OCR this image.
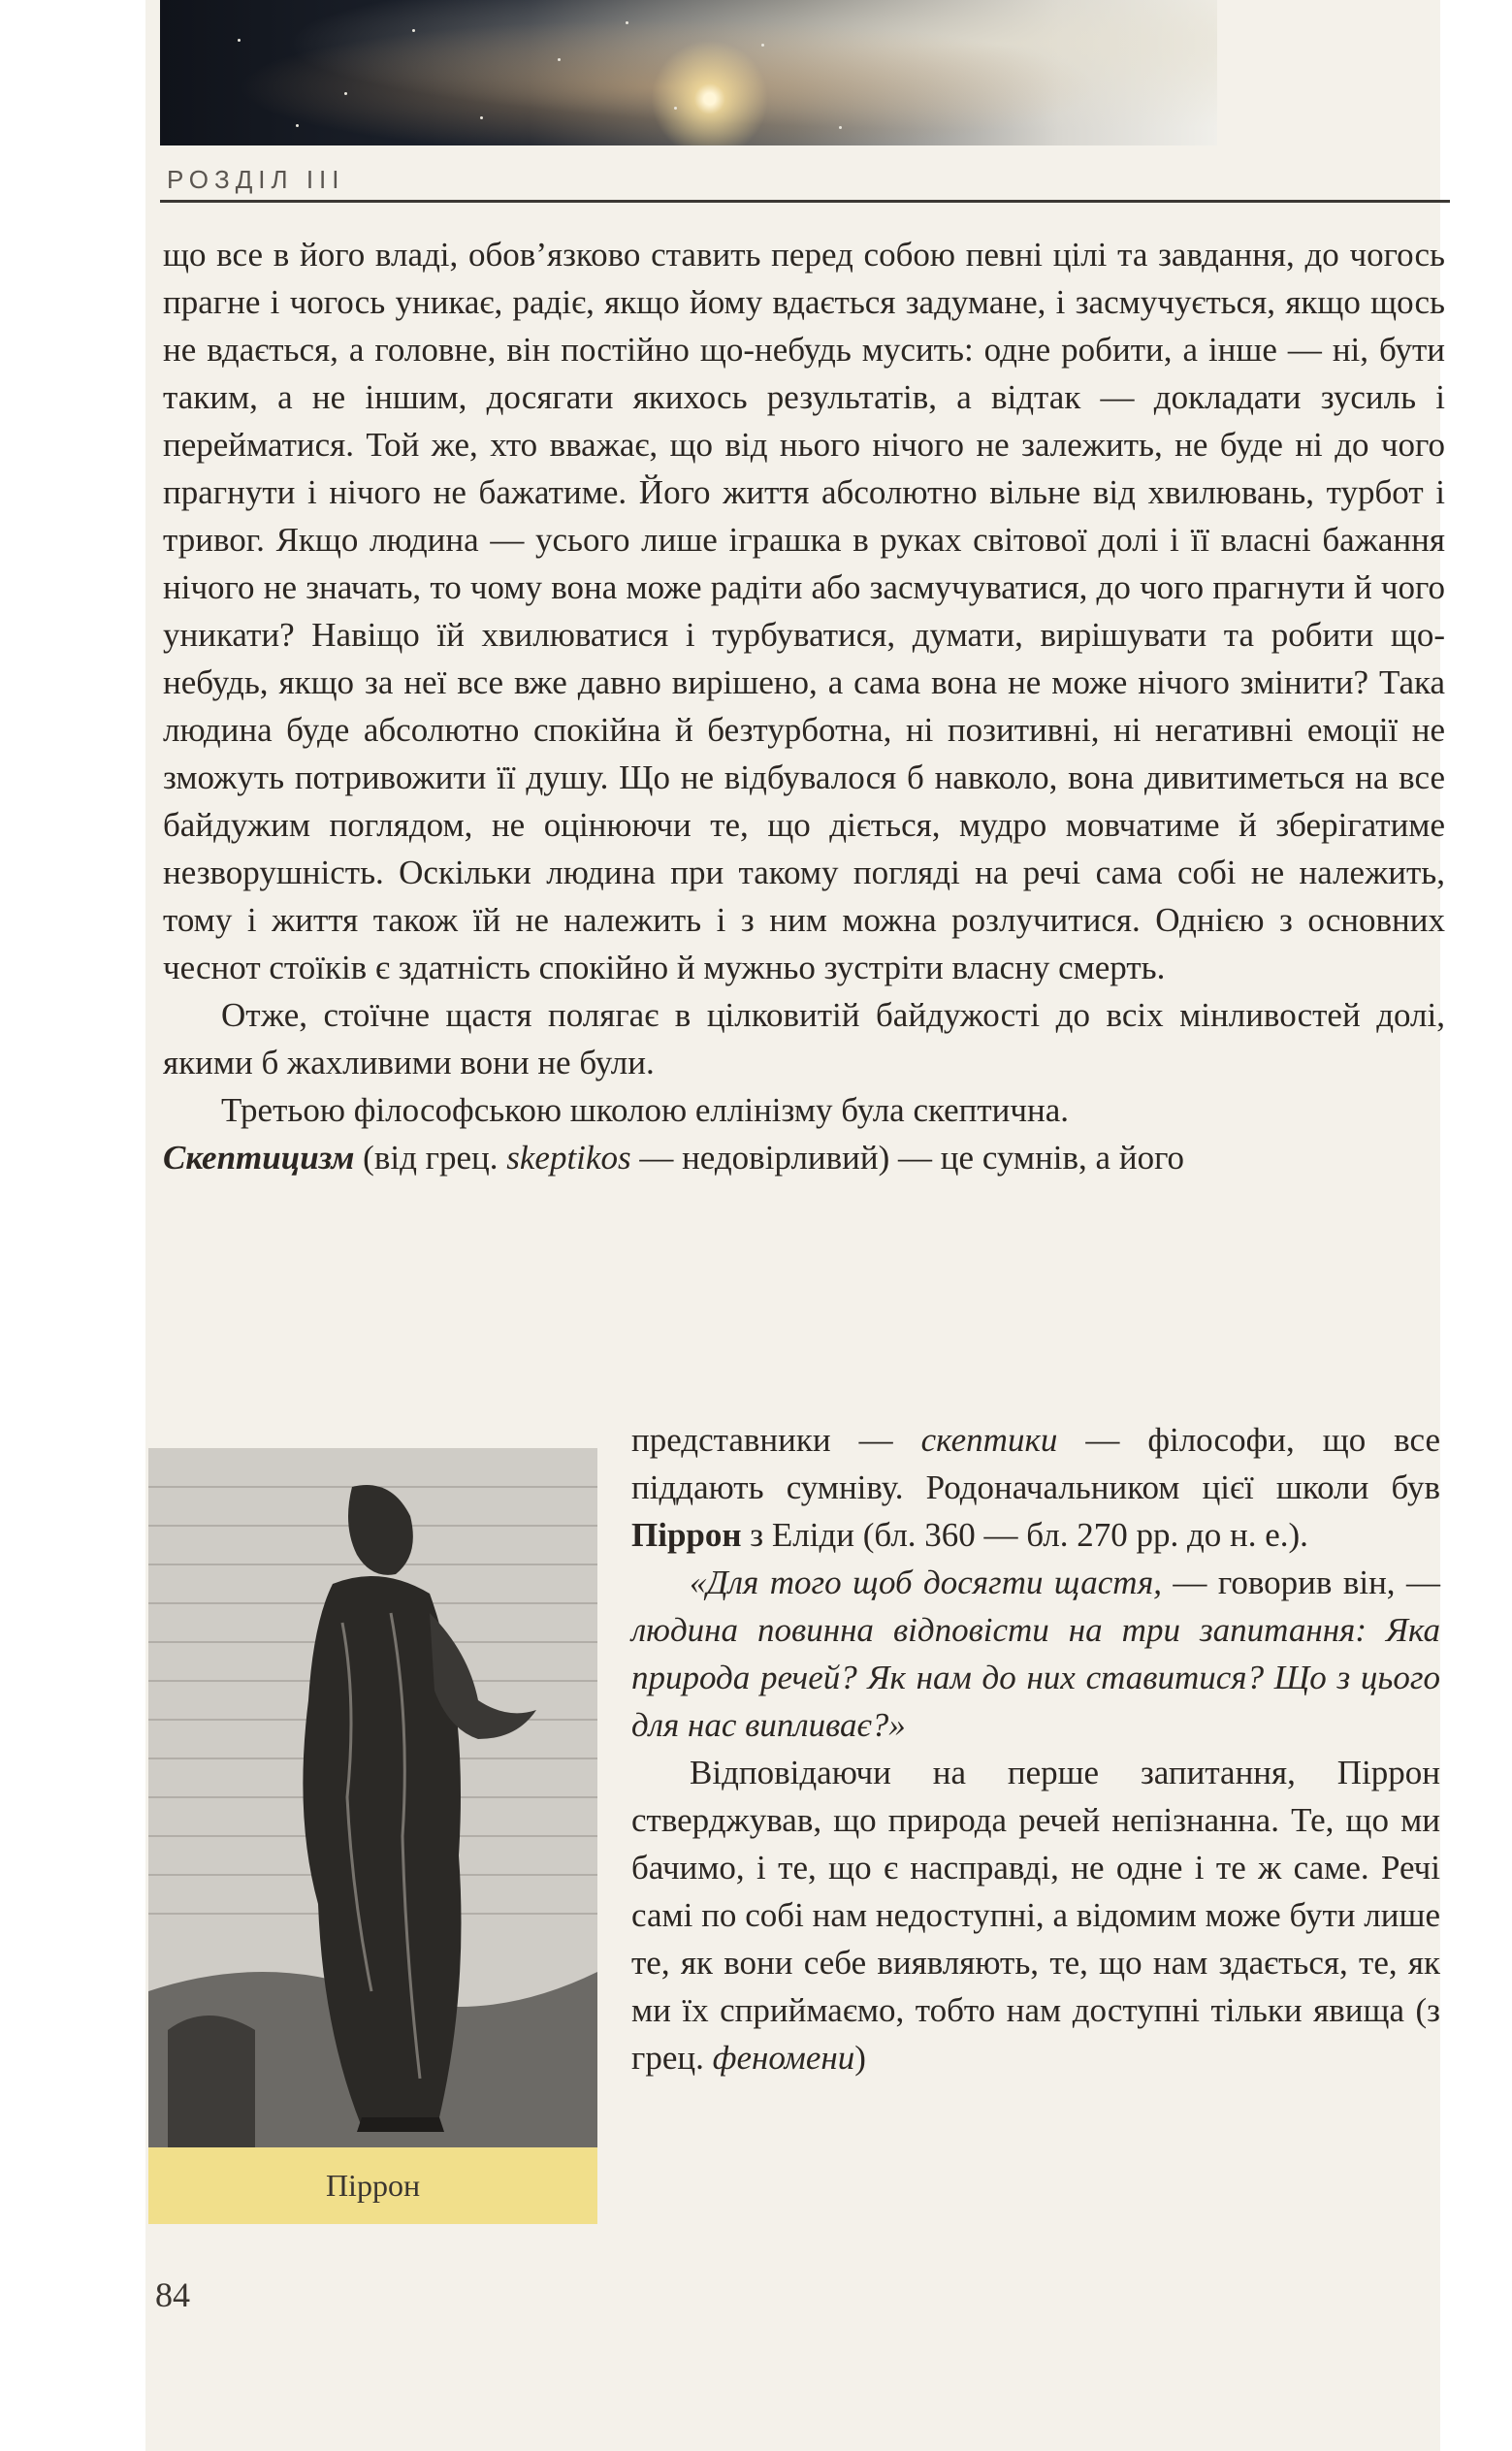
РОЗДІЛ ІІІ

що все в його владі, обов’язково ставить перед собою певні цілі та завдання, до чогось прагне і чогось уникає, радіє, якщо йому вдається задумане, і засмучується, якщо щось не вдається, а головне, він постійно що-небудь мусить: одне робити, а інше — ні, бути таким, а не іншим, досягати якихось результатів, а відтак — докладати зусиль і перейматися. Той же, хто вважає, що від нього нічого не залежить, не буде ні до чого прагнути і нічого не бажатиме. Його життя абсолютно вільне від хвилювань, турбот і тривог. Якщо людина — усього лише іграшка в руках світової долі і її власні бажання нічого не значать, то чому вона може радіти або засмучуватися, до чого прагнути й чого уникати? Навіщо їй хвилюватися і турбуватися, думати, вирішувати та робити що-небудь, якщо за неї все вже давно вирішено, а сама вона не може нічого змінити? Така людина буде абсолютно спокійна й безтурботна, ні позитивні, ні негативні емоції не зможуть потривожити її душу. Що не відбувалося б навколо, вона дивитиметься на все байдужим поглядом, не оцінюючи те, що діється, мудро мовчатиме й зберігатиме незворушність. Оскільки людина при такому погляді на речі сама собі не належить, тому і життя також їй не належить і з ним можна розлучитися. Однією з основних чеснот стоїків є здатність спокійно й мужньо зустріти власну смерть.

Отже, стоїчне щастя полягає в цілковитій байдужості до всіх мінливостей долі, якими б жахливими вони не були.

Третьою філософською школою еллінізму була скептична.
Скептицизм (від грец. skeptikos — недовірливий) — це сумнів, а його

Піррон

представники — скептики — філософи, що все піддають сумніву. Родоначальником цієї школи був Піррон з Еліди (бл. 360 — бл. 270 рр. до н. е.).

«Для того щоб досягти щастя, — говорив він, — людина повинна відповісти на три запитання: Яка природа речей? Як нам до них ставитися? Що з цього для нас випливає?»

Відповідаючи на перше запитання, Піррон стверджував, що природа речей непізнанна. Те, що ми бачимо, і те, що є насправді, не одне і те ж саме. Речі самі по собі нам недоступні, а відомим може бути лише те, як вони себе виявляють, те, що нам здається, те, як ми їх сприймаємо, тобто нам доступні тільки явища (з грец. феномени)

84
